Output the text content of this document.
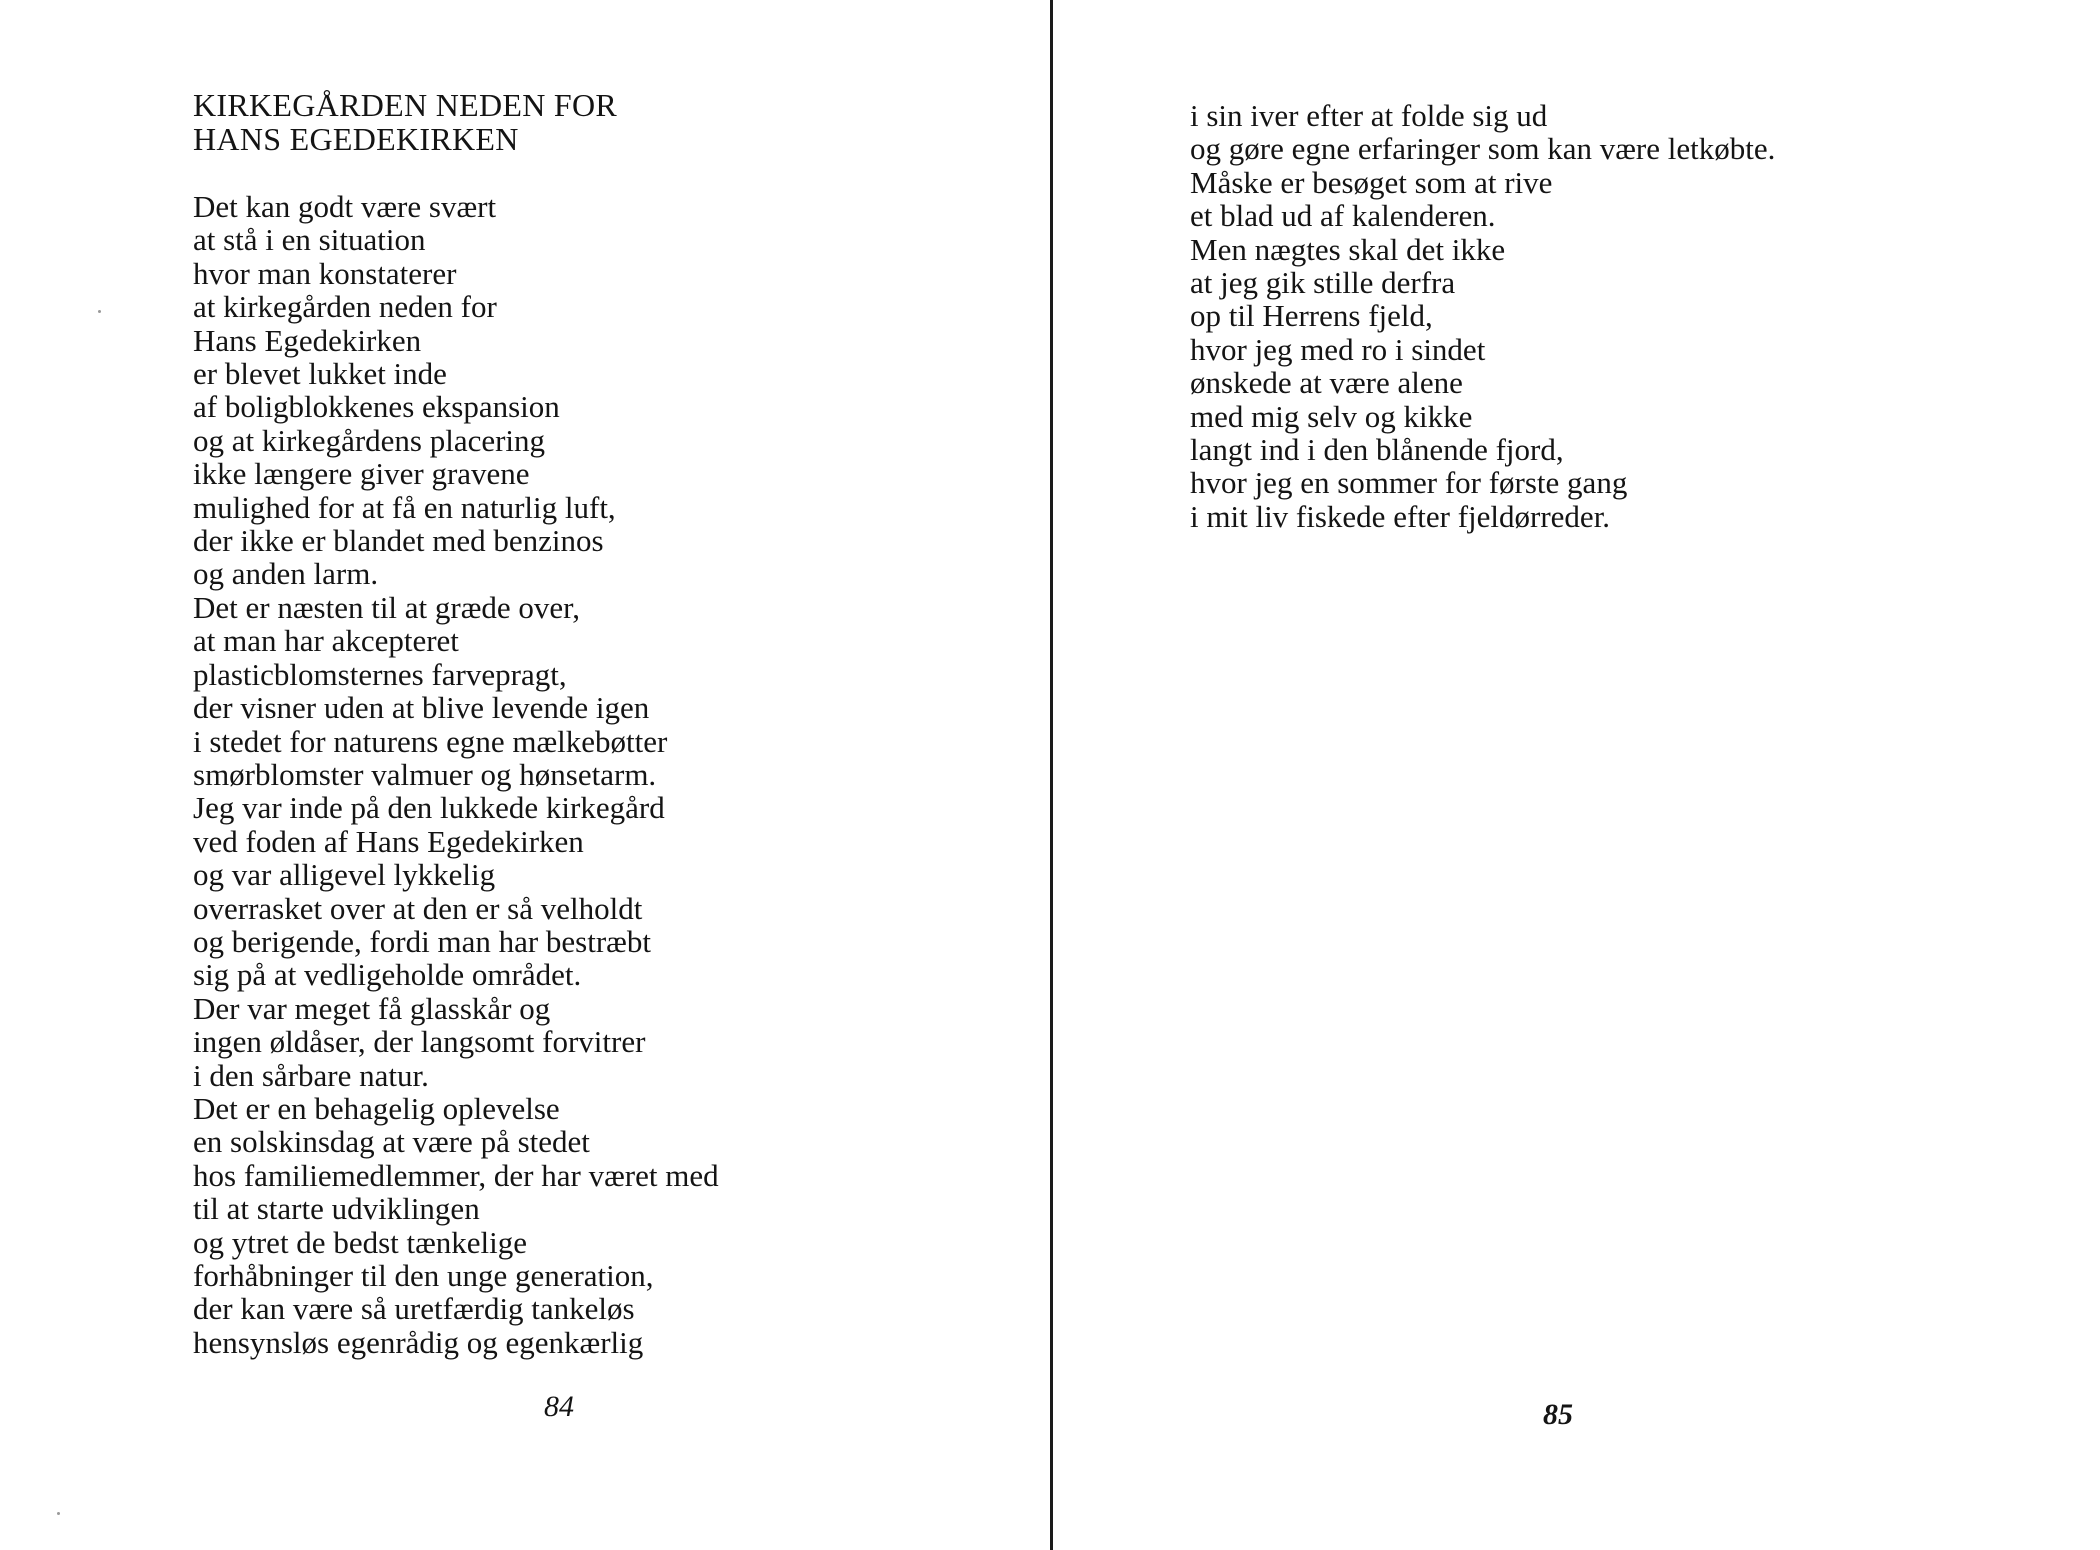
KIRKEGÅRDEN NEDEN FOR
HANS EGEDEKIRKEN
Det kan godt være svært
at stå i en situation
hvor man konstaterer
at kirkegården neden for
Hans Egedekirken
er blevet lukket inde
af boligblokkenes ekspansion
og at kirkegårdens placering
ikke længere giver gravene
mulighed for at få en naturlig luft,
der ikke er blandet med benzinos
og anden larm.
Det er næsten til at græde over,
at man har akcepteret
plasticblomsternes farvepragt,
der visner uden at blive levende igen
i stedet for naturens egne mælkebøtter
smørblomster valmuer og hønsetarm.
Jeg var inde på den lukkede kirkegård
ved foden af Hans Egedekirken
og var alligevel lykkelig
overrasket over at den er så velholdt
og berigende, fordi man har bestræbt
sig på at vedligeholde området.
Der var meget få glasskår og
ingen øldåser, der langsomt forvitrer
i den sårbare natur.
Det er en behagelig oplevelse
en solskinsdag at være på stedet
hos familiemedlemmer, der har været med
til at starte udviklingen
og ytret de bedst tænkelige
forhåbninger til den unge generation,
der kan være så uretfærdig tankeløs
hensynsløs egenrådig og egenkærlig
84
i sin iver efter at folde sig ud
og gøre egne erfaringer som kan være letkøbte.
Måske er besøget som at rive
et blad ud af kalenderen.
Men nægtes skal det ikke
at jeg gik stille derfra
op til Herrens fjeld,
hvor jeg med ro i sindet
ønskede at være alene
med mig selv og kikke
langt ind i den blånende fjord,
hvor jeg en sommer for første gang
i mit liv fiskede efter fjeldørreder.
85
